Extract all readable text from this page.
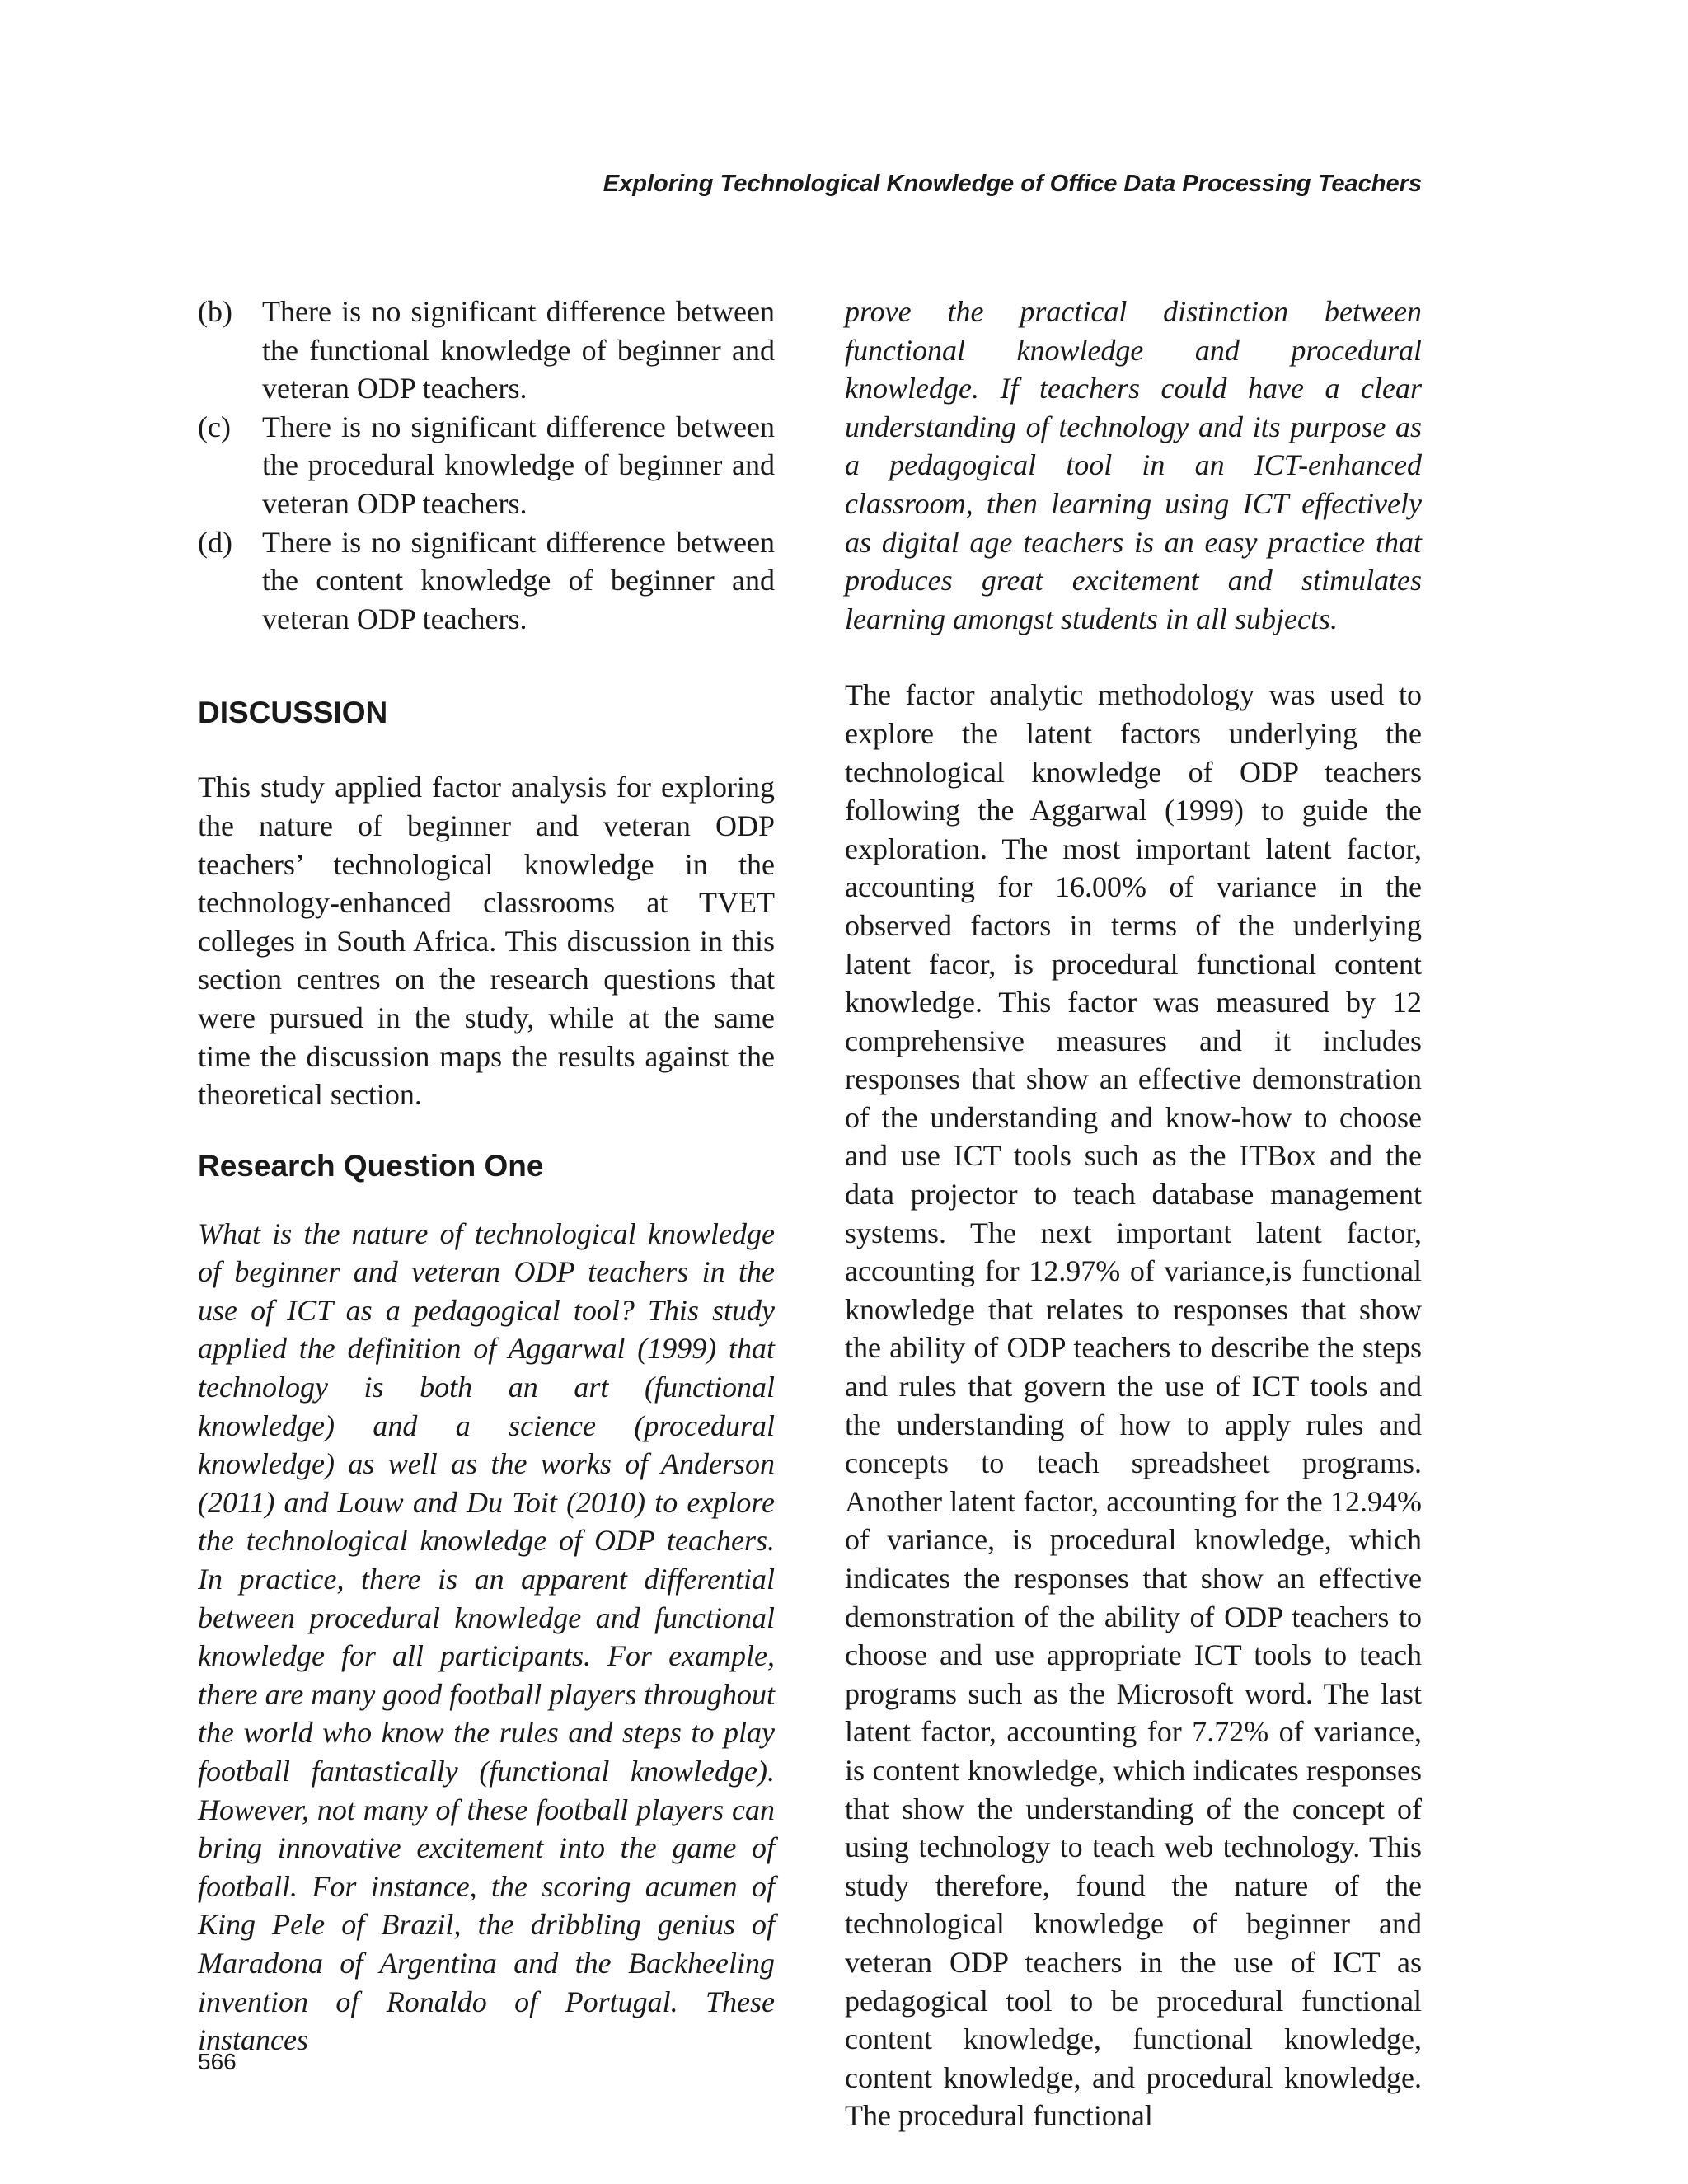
Exploring Technological Knowledge of Office Data Processing Teachers
(b)	There is no significant difference between the functional knowledge of beginner and veteran ODP teachers.
(c)	There is no significant difference between the procedural knowledge of beginner and veteran ODP teachers.
(d)	There is no significant difference between the content knowledge of beginner and veteran ODP teachers.
DISCUSSION

This study applied factor analysis for exploring the nature of beginner and veteran ODP teachers’ technological knowledge in the technology-enhanced classrooms at TVET colleges in South Africa. This discussion in this section centres on the research questions that were pursued in the study, while at the same time the discussion maps the results against the theoretical section.

Research Question One

What is the nature of technological knowledge of beginner and veteran ODP teachers in the use of ICT as a pedagogical tool? This study applied the definition of Aggarwal (1999) that technology is both an art (functional knowledge) and a science (procedural knowledge) as well as the works of Anderson (2011) and Louw and Du Toit (2010) to explore the technological knowledge of ODP teachers. In practice, there is an apparent differential between procedural knowledge and functional knowledge for all participants. For example, there are many good football players throughout the world who know the rules and steps to play football fantastically (functional knowledge). However, not many of these football players can bring innovative excitement into the game of football. For instance, the scoring acumen of King Pele of Brazil, the dribbling genius of Maradona of Argentina and the Backheeling invention of Ronaldo of Portugal. These instances

prove the practical distinction between functional knowledge and procedural knowledge. If teachers could have a clear understanding of technology and its purpose as a pedagogical tool in an ICT-enhanced classroom, then learning using ICT effectively as digital age teachers is an easy practice that produces great excitement and stimulates learning amongst students in all subjects.

The factor analytic methodology was used to explore the latent factors underlying the technological knowledge of ODP teachers following the Aggarwal (1999) to guide the exploration. The most important latent factor, accounting for 16.00% of variance in the observed factors in terms of the underlying latent facor, is procedural functional content knowledge. This factor was measured by 12 comprehensive measures and it includes responses that show an effective demonstration of the understanding and know-how to choose and use ICT tools such as the ITBox and the data projector to teach database management systems. The next important latent factor, accounting for 12.97% of variance,is functional knowledge that relates to responses that show the ability of ODP teachers to describe the steps and rules that govern the use of ICT tools and the understanding of how to apply rules and concepts to teach spreadsheet programs. Another latent factor, accounting for the 12.94% of variance, is procedural knowledge, which indicates the responses that show an effective demonstration of the ability of ODP teachers to choose and use appropriate ICT tools to teach programs such as the Microsoft word. The last latent factor, accounting for 7.72% of variance, is content knowledge, which indicates responses that show the understanding of the concept of using technology to teach web technology. This study therefore, found the nature of the technological knowledge of beginner and veteran ODP teachers in the use of ICT as pedagogical tool to be procedural functional content knowledge, functional knowledge, content knowledge, and procedural knowledge. The procedural functional

566
